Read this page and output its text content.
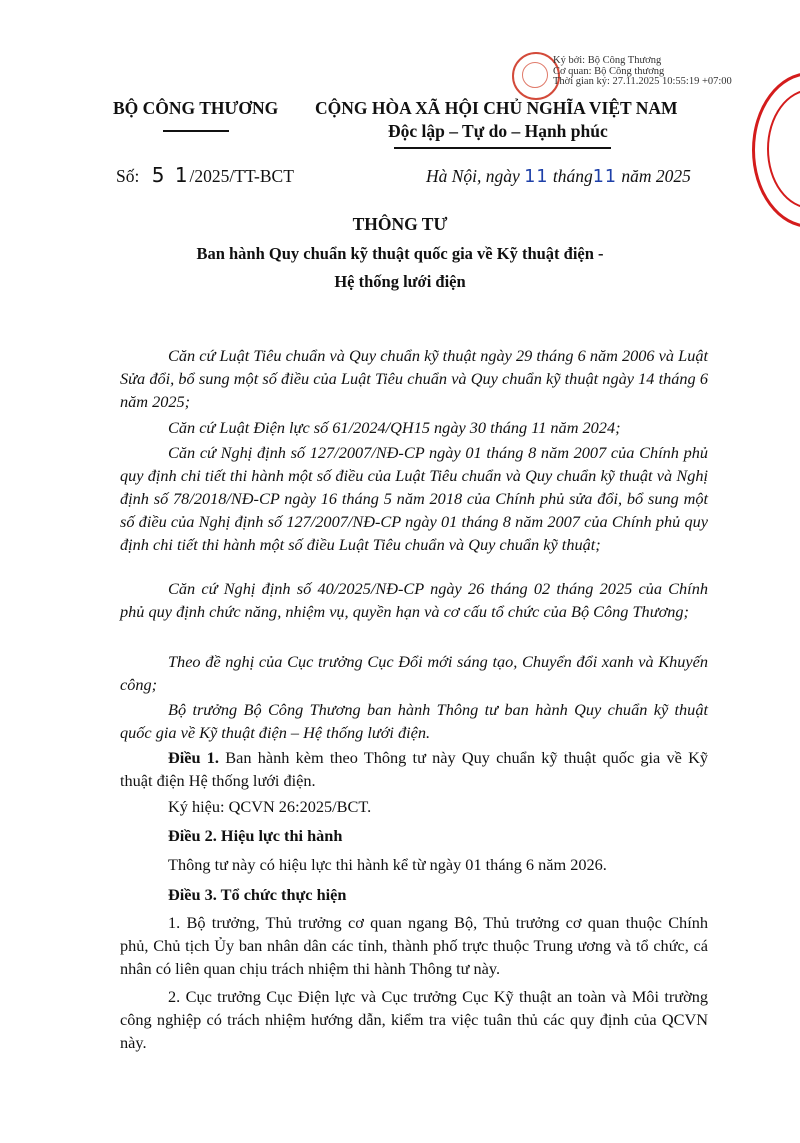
Ký bởi: Bộ Công Thương
Cơ quan: Bộ Công thương
Thời gian ký: 27.11.2025 10:55:19 +07:00
BỘ CÔNG THƯƠNG CỘNG HÒA XÃ HỘI CHỦ NGHĨA VIỆT NAM
Độc lập – Tự do – Hạnh phúc
Số: 5 1/2025/TT-BCT	Hà Nội, ngày 11 tháng11 năm 2025
THÔNG TƯ
Ban hành Quy chuẩn kỹ thuật quốc gia về Kỹ thuật điện -
Hệ thống lưới điện
Căn cứ Luật Tiêu chuẩn và Quy chuẩn kỹ thuật ngày 29 tháng 6 năm 2006 và Luật Sửa đổi, bổ sung một số điều của Luật Tiêu chuẩn và Quy chuẩn kỹ thuật ngày 14 tháng 6 năm 2025;
Căn cứ Luật Điện lực số 61/2024/QH15 ngày 30 tháng 11 năm 2024;
Căn cứ Nghị định số 127/2007/NĐ-CP ngày 01 tháng 8 năm 2007 của Chính phủ quy định chi tiết thi hành một số điều của Luật Tiêu chuẩn và Quy chuẩn kỹ thuật và Nghị định số 78/2018/NĐ-CP ngày 16 tháng 5 năm 2018 của Chính phủ sửa đổi, bổ sung một số điều của Nghị định số 127/2007/NĐ-CP ngày 01 tháng 8 năm 2007 của Chính phủ quy định chi tiết thi hành một số điều Luật Tiêu chuẩn và Quy chuẩn kỹ thuật;
Căn cứ Nghị định số 40/2025/NĐ-CP ngày 26 tháng 02 tháng 2025 của Chính phủ quy định chức năng, nhiệm vụ, quyền hạn và cơ cấu tổ chức của Bộ Công Thương;
Theo đề nghị của Cục trưởng Cục Đổi mới sáng tạo, Chuyển đổi xanh và Khuyến công;
Bộ trưởng Bộ Công Thương ban hành Thông tư ban hành Quy chuẩn kỹ thuật quốc gia về Kỹ thuật điện – Hệ thống lưới điện.
Điều 1. Ban hành kèm theo Thông tư này Quy chuẩn kỹ thuật quốc gia về Kỹ thuật điện Hệ thống lưới điện.
Ký hiệu: QCVN 26:2025/BCT.
Điều 2. Hiệu lực thi hành
Thông tư này có hiệu lực thi hành kể từ ngày 01 tháng 6 năm 2026.
Điều 3. Tổ chức thực hiện
1. Bộ trưởng, Thủ trưởng cơ quan ngang Bộ, Thủ trưởng cơ quan thuộc Chính phủ, Chủ tịch Ủy ban nhân dân các tỉnh, thành phố trực thuộc Trung ương và tổ chức, cá nhân có liên quan chịu trách nhiệm thi hành Thông tư này.
2. Cục trưởng Cục Điện lực và Cục trưởng Cục Kỹ thuật an toàn và Môi trường công nghiệp có trách nhiệm hướng dẫn, kiểm tra việc tuân thủ các quy định của QCVN này.
